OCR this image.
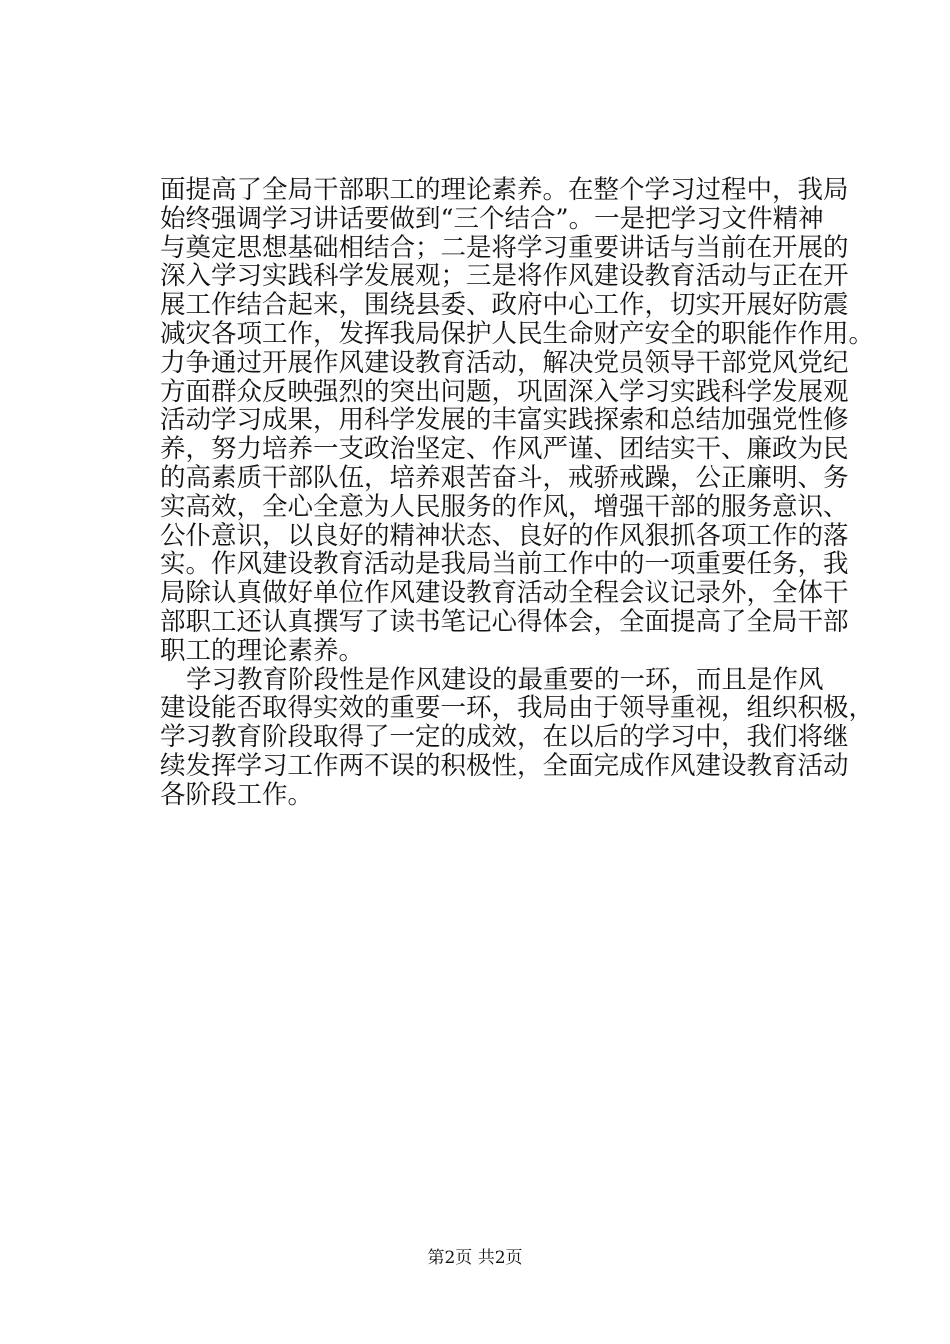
面提高了全局干部职工的理论素养。在整个学习过程中，我局
始终强调学习讲话要做到“三个结合”。一是把学习文件精神
与奠定思想基础相结合；二是将学习重要讲话与当前在开展的
深入学习实践科学发展观；三是将作风建设教育活动与正在开
展工作结合起来，围绕县委、政府中心工作，切实开展好防震
减灾各项工作，发挥我局保护人民生命财产安全的职能作作用。
力争通过开展作风建设教育活动，解决党员领导干部党风党纪
方面群众反映强烈的突出问题，巩固深入学习实践科学发展观
活动学习成果，用科学发展的丰富实践探索和总结加强党性修
养，努力培养一支政治坚定、作风严谨、团结实干、廉政为民
的高素质干部队伍，培养艰苦奋斗，戒骄戒躁，公正廉明、务
实高效，全心全意为人民服务的作风，增强干部的服务意识、
公仆意识，以良好的精神状态、良好的作风狠抓各项工作的落
实。作风建设教育活动是我局当前工作中的一项重要任务，我
局除认真做好单位作风建设教育活动全程会议记录外，全体干
部职工还认真撰写了读书笔记心得体会，全面提高了全局干部
职工的理论素养。
学习教育阶段性是作风建设的最重要的一环，而且是作风
建设能否取得实效的重要一环，我局由于领导重视，组织积极，
学习教育阶段取得了一定的成效，在以后的学习中，我们将继
续发挥学习工作两不误的积极性，全面完成作风建设教育活动
各阶段工作。
第2页 共2页
